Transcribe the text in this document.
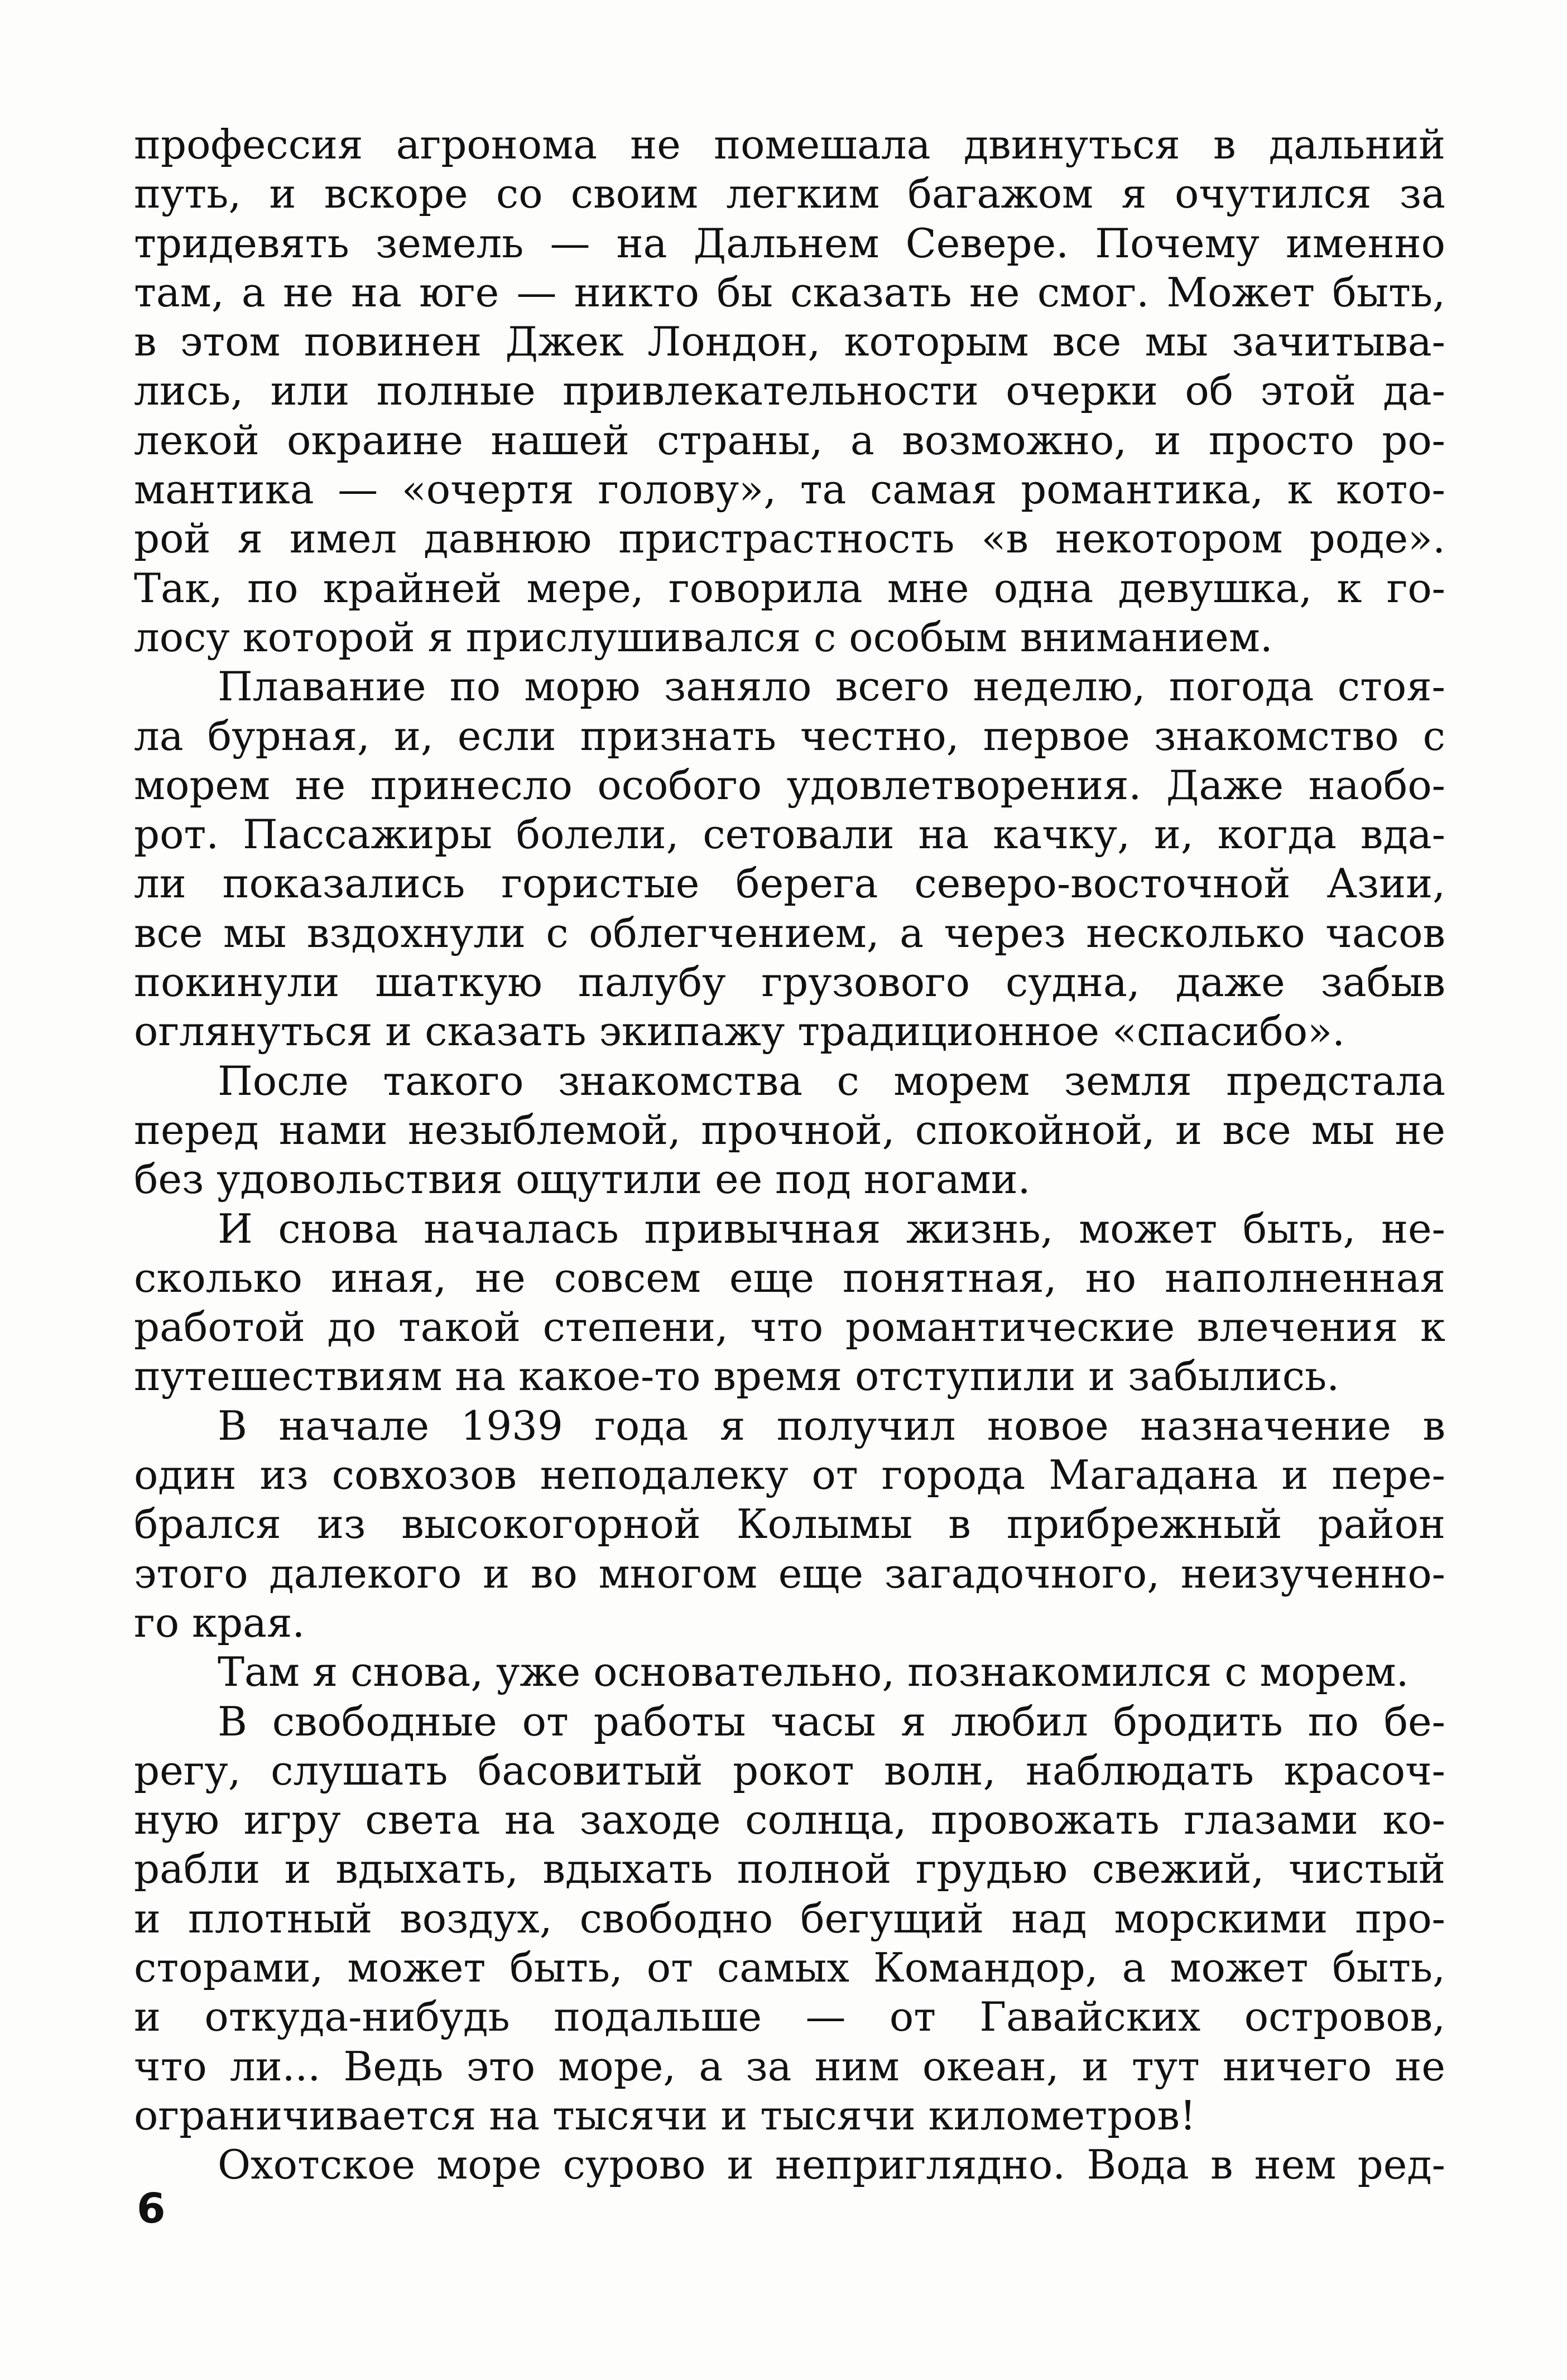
профессия агронома не помешала двинуться в дальний
путь, и вскоре со своим легким багажом я очутился за
тридевять земель — на Дальнем Севере. Почему именно
там, а не на юге — никто бы сказать не смог. Может быть,
в этом повинен Джек Лондон, которым все мы зачитыва-
лись, или полные привлекательности очерки об этой да-
лекой окраине нашей страны, а возможно, и просто ро-
мантика — «очертя голову», та самая романтика, к кото-
рой я имел давнюю пристрастность «в некотором роде».
Так, по крайней мере, говорила мне одна девушка, к го-
лосу которой я прислушивался с особым вниманием.
Плавание по морю заняло всего неделю, погода стоя-
ла бурная, и, если признать честно, первое знакомство с
морем не принесло особого удовлетворения. Даже наобо-
рот. Пассажиры болели, сетовали на качку, и, когда вда-
ли показались гористые берега северо-восточной Азии,
все мы вздохнули с облегчением, а через несколько часов
покинули шаткую палубу грузового судна, даже забыв
оглянуться и сказать экипажу традиционное «спасибо».
После такого знакомства с морем земля предстала
перед нами незыблемой, прочной, спокойной, и все мы не
без удовольствия ощутили ее под ногами.
И снова началась привычная жизнь, может быть, не-
сколько иная, не совсем еще понятная, но наполненная
работой до такой степени, что романтические влечения к
путешествиям на какое-то время отступили и забылись.
В начале 1939 года я получил новое назначение в
один из совхозов неподалеку от города Магадана и пере-
брался из высокогорной Колымы в прибрежный район
этого далекого и во многом еще загадочного, неизученно-
го края.
Там я снова, уже основательно, познакомился с морем.
В свободные от работы часы я любил бродить по бе-
регу, слушать басовитый рокот волн, наблюдать красоч-
ную игру света на заходе солнца, провожать глазами ко-
рабли и вдыхать, вдыхать полной грудью свежий, чистый
и плотный воздух, свободно бегущий над морскими про-
сторами, может быть, от самых Командор, а может быть,
и откуда-нибудь подальше — от Гавайских островов,
что ли... Ведь это море, а за ним океан, и тут ничего не
ограничивается на тысячи и тысячи километров!
Охотское море сурово и неприглядно. Вода в нем ред-
6
